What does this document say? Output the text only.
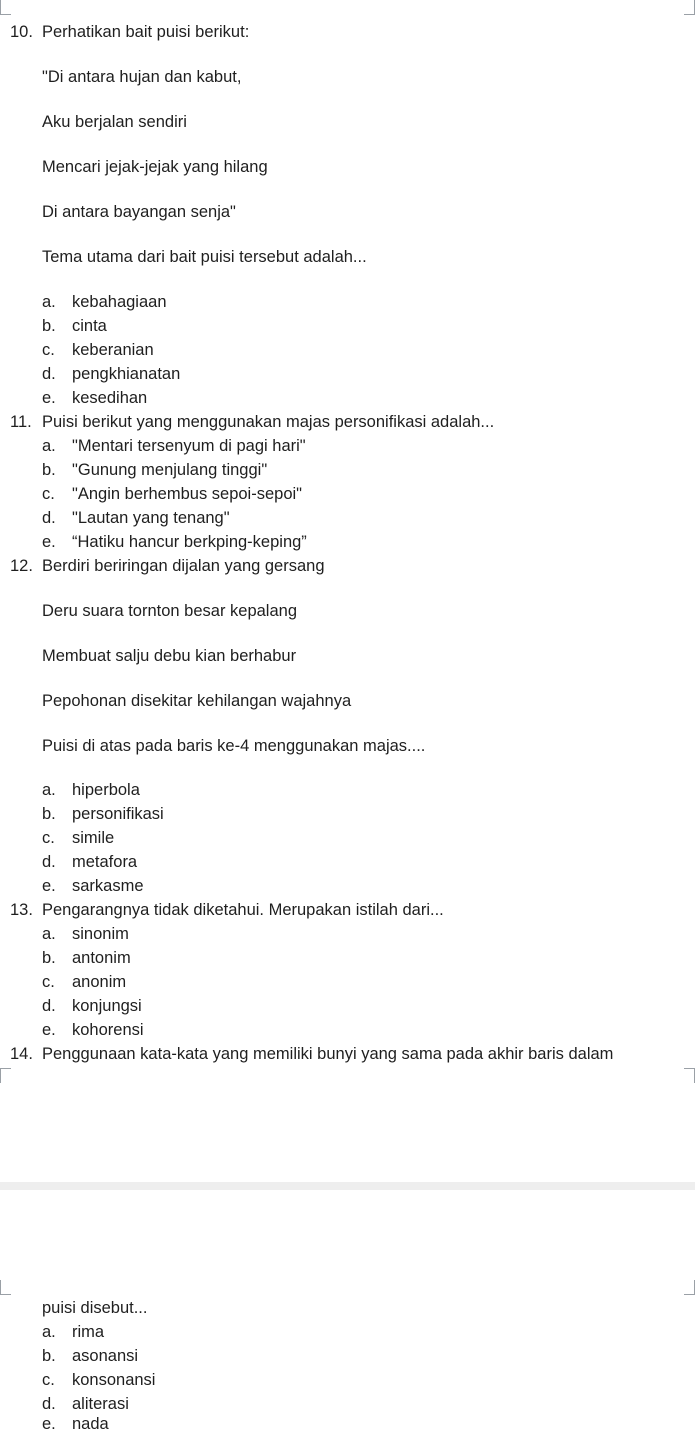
10. Perhatikan bait puisi berikut:
"Di antara hujan dan kabut,
Aku berjalan sendiri
Mencari jejak-jejak yang hilang
Di antara bayangan senja"
Tema utama dari bait puisi tersebut adalah...
a. kebahagiaan
b. cinta
c. keberanian
d. pengkhianatan
e. kesedihan
11. Puisi berikut yang menggunakan majas personifikasi adalah...
a. "Mentari tersenyum di pagi hari"
b. "Gunung menjulang tinggi"
c. "Angin berhembus sepoi-sepoi"
d. "Lautan yang tenang"
e. “Hatiku hancur berkping-keping”
12. Berdiri beriringan dijalan yang gersang
Deru suara tornton besar kepalang
Membuat salju debu kian berhabur
Pepohonan disekitar kehilangan wajahnya
Puisi di atas pada baris ke-4 menggunakan majas....
a. hiperbola
b. personifikasi
c. simile
d. metafora
e. sarkasme
13. Pengarangnya tidak diketahui. Merupakan istilah dari...
a. sinonim
b. antonim
c. anonim
d. konjungsi
e. kohorensi
14. Penggunaan kata-kata yang memiliki bunyi yang sama pada akhir baris dalam
puisi disebut...
a. rima
b. asonansi
c. konsonansi
d. aliterasi
e. nada
